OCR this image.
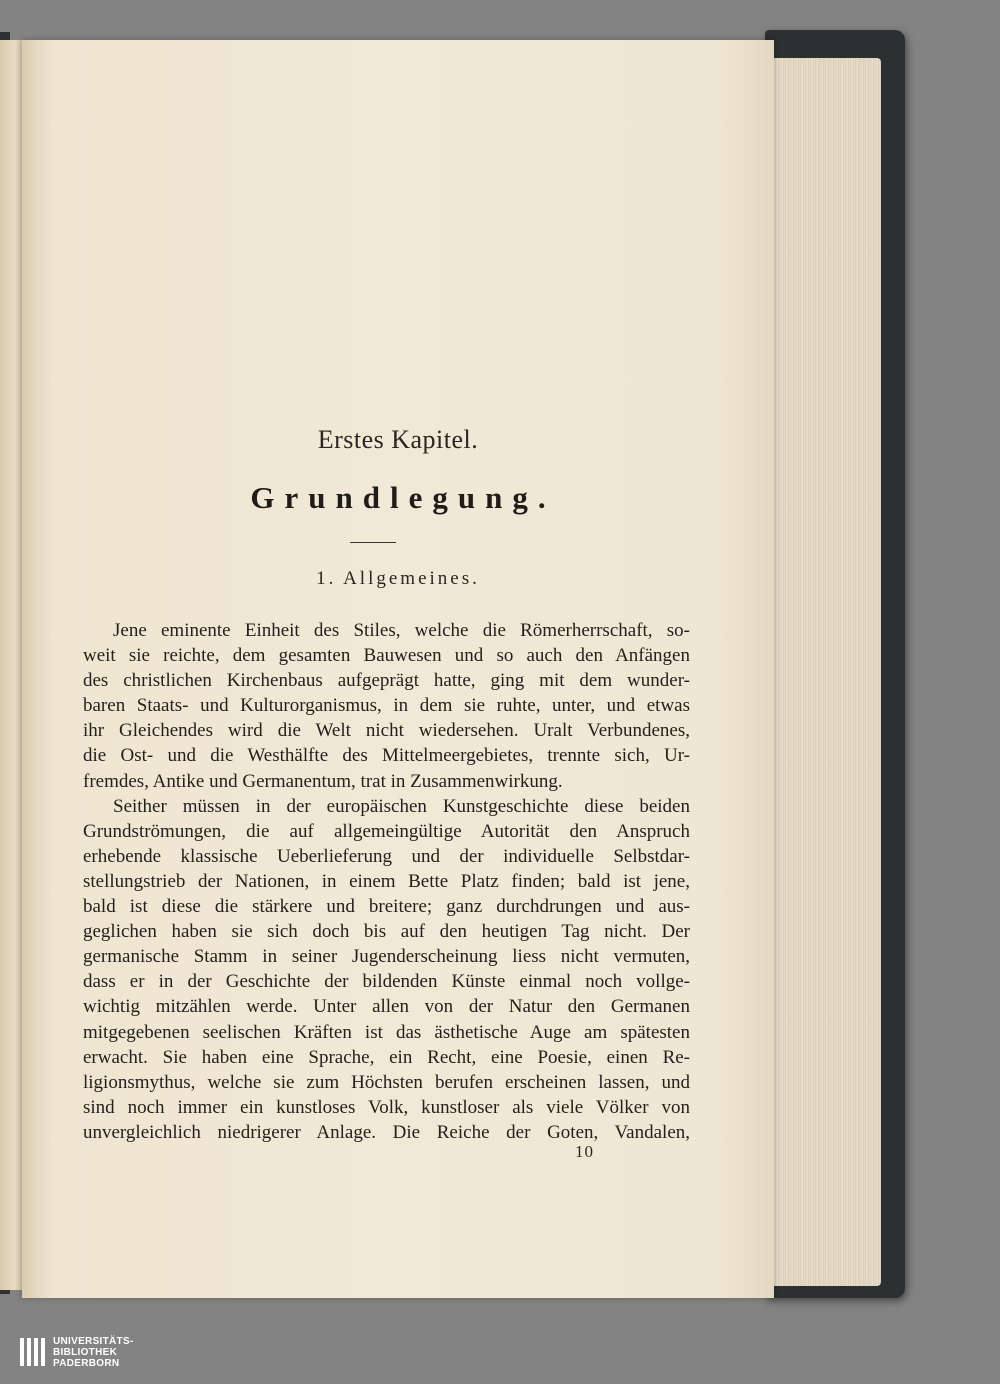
Erstes Kapitel.
Grundlegung.
1. Allgemeines.

Jene eminente Einheit des Stiles, welche die Römerherrschaft, so-

weit sie reichte, dem gesamten Bauwesen und so auch den Anfängen

des christlichen Kirchenbaus aufgeprägt hatte, ging mit dem wunder-

baren Staats- und Kulturorganismus, in dem sie ruhte, unter, und etwas

ihr Gleichendes wird die Welt nicht wiedersehen. Uralt Verbundenes,

die Ost- und die Westhälfte des Mittelmeergebietes, trennte sich, Ur-

fremdes, Antike und Germanentum, trat in Zusammenwirkung.

Seither müssen in der europäischen Kunstgeschichte diese beiden

Grundströmungen, die auf allgemeingültige Autorität den Anspruch

erhebende klassische Ueberlieferung und der individuelle Selbstdar-

stellungstrieb der Nationen, in einem Bette Platz finden; bald ist jene,

bald ist diese die stärkere und breitere; ganz durchdrungen und aus-

geglichen haben sie sich doch bis auf den heutigen Tag nicht. Der

germanische Stamm in seiner Jugenderscheinung liess nicht vermuten,

dass er in der Geschichte der bildenden Künste einmal noch vollge-

wichtig mitzählen werde. Unter allen von der Natur den Germanen

mitgegebenen seelischen Kräften ist das ästhetische Auge am spätesten

erwacht. Sie haben eine Sprache, ein Recht, eine Poesie, einen Re-

ligionsmythus, welche sie zum Höchsten berufen erscheinen lassen, und

sind noch immer ein kunstloses Volk, kunstloser als viele Völker von

unvergleichlich niedrigerer Anlage. Die Reiche der Goten, Vandalen,

10
UNIVERSITÄTS-
BIBLIOTHEK
PADERBORN
